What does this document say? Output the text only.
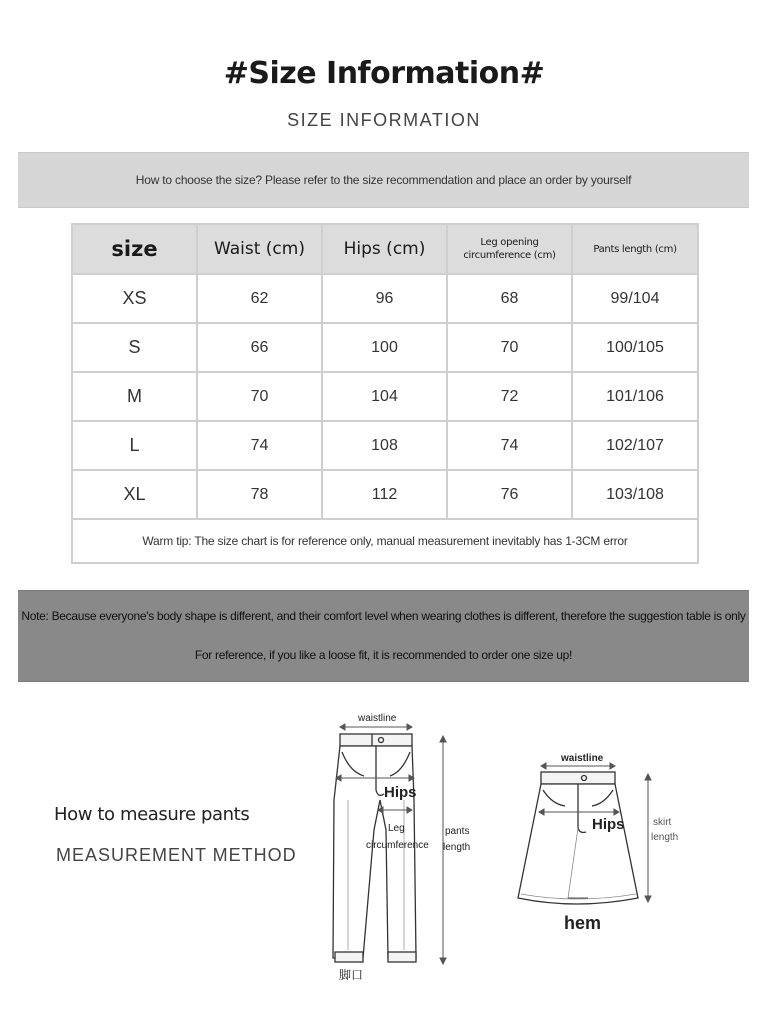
#Size Information#
SIZE INFORMATION
How to choose the size? Please refer to the size recommendation and place an order by yourself
size	Waist (cm)	Hips (cm)	Leg opening circumference (cm)	Pants length (cm)
XS	62	96	68	99/104
S	66	100	70	100/105
M	70	104	72	101/106
L	74	108	74	102/107
XL	78	112	76	103/108
Warm tip: The size chart is for reference only, manual measurement inevitably has 1-3CM error				
Note: Because everyone's body shape is different, and their comfort level when wearing clothes is different, therefore the suggestion table is only
For reference, if you like a loose fit, it is recommended to order one size up!
How to measure pants
MEASUREMENT METHOD
waistline
Hips
Leg
circumference
pants
length
脚口
waistline
Hips	skirt
length
hem
